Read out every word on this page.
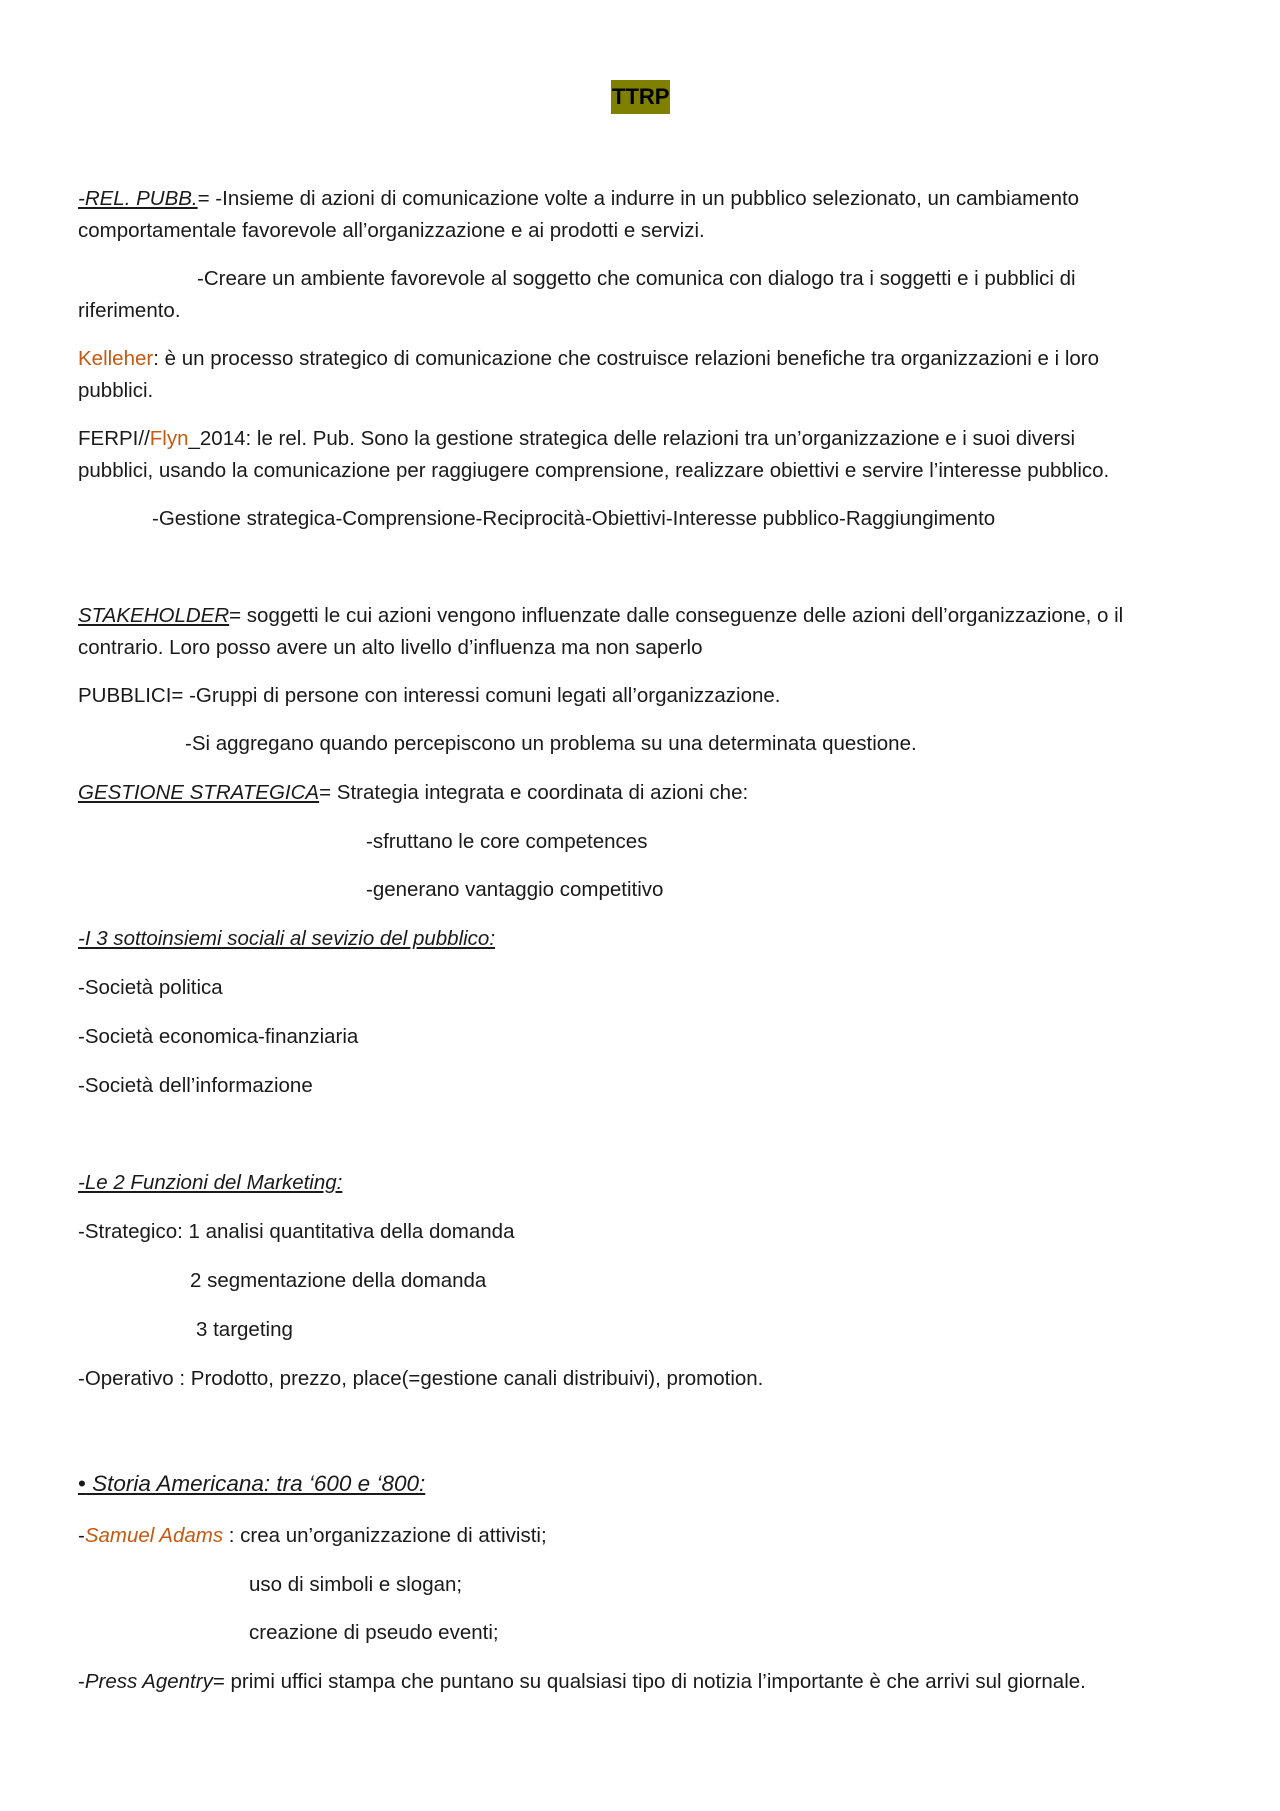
TTRP
-REL. PUBB.= -Insieme di azioni di comunicazione volte a indurre in un pubblico selezionato, un cambiamento
comportamentale favorevole all’organizzazione e ai prodotti e servizi.
-Creare un ambiente favorevole al soggetto che comunica con dialogo tra i soggetti e i pubblici di
riferimento.
Kelleher: è un processo strategico di comunicazione che costruisce relazioni benefiche tra organizzazioni e i loro
pubblici.
FERPI//Flyn_2014: le rel. Pub. Sono la gestione strategica delle relazioni tra un’organizzazione e i suoi diversi
pubblici, usando la comunicazione per raggiugere comprensione, realizzare obiettivi e servire l’interesse pubblico.
-Gestione strategica-Comprensione-Reciprocità-Obiettivi-Interesse pubblico-Raggiungimento
STAKEHOLDER= soggetti le cui azioni vengono influenzate dalle conseguenze delle azioni dell’organizzazione, o il
contrario. Loro posso avere un alto livello d’influenza ma non saperlo
PUBBLICI= -Gruppi di persone con interessi comuni legati all’organizzazione.
-Si aggregano quando percepiscono un problema su una determinata questione.
GESTIONE STRATEGICA= Strategia integrata e coordinata di azioni che:
-sfruttano le core competences
-generano vantaggio competitivo
-I 3 sottoinsiemi sociali al sevizio del pubblico:
-Società politica
-Società economica-finanziaria
-Società dell’informazione
-Le 2 Funzioni del Marketing:
-Strategico: 1 analisi quantitativa della domanda
2 segmentazione della domanda
3 targeting
-Operativo : Prodotto, prezzo, place(=gestione canali distribuivi), promotion.
• Storia Americana: tra ‘600 e ‘800:
-Samuel Adams : crea un’organizzazione di attivisti;
uso di simboli e slogan;
creazione di pseudo eventi;
-Press Agentry= primi uffici stampa che puntano su qualsiasi tipo di notizia l’importante è che arrivi sul giornale.
